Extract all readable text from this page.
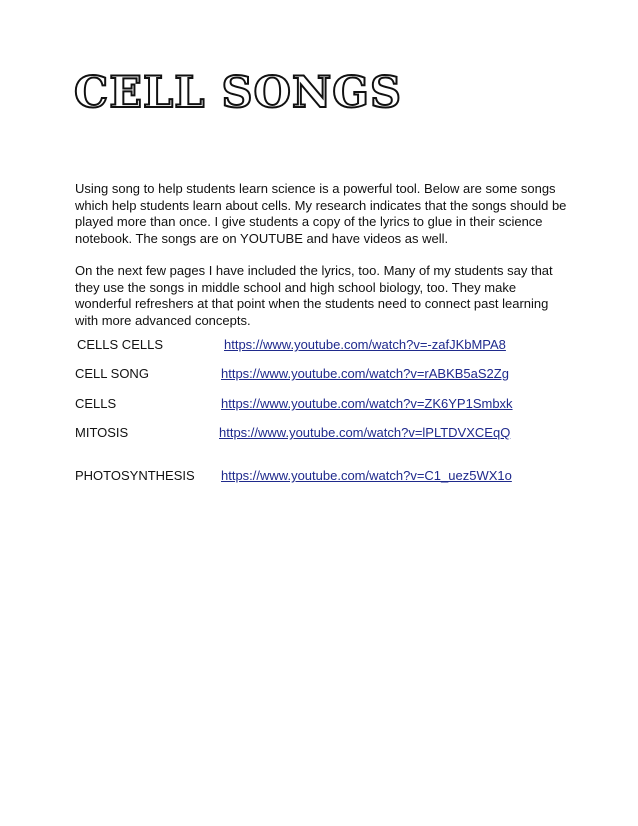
CELL SONGS

Using song to help students learn science is a powerful tool. Below are some songs which help students learn about cells. My research indicates that the songs should be played more than once. I give students a copy of the lyrics to glue in their science notebook. The songs are on YOUTUBE and have videos as well.

On the next few pages I have included the lyrics, too. Many of my students say that they use the songs in middle school and high school biology, too. They make wonderful refreshers at that point when the students need to connect past learning with more advanced concepts.

CELLS CELLS	https://www.youtube.com/watch?v=-zafJKbMPA8
CELL SONG	https://www.youtube.com/watch?v=rABKB5aS2Zg
CELLS	https://www.youtube.com/watch?v=ZK6YP1Smbxk
MITOSIS	https://www.youtube.com/watch?v=lPLTDVXCEqQ
PHOTOSYNTHESIS https://www.youtube.com/watch?v=C1_uez5WX1o
